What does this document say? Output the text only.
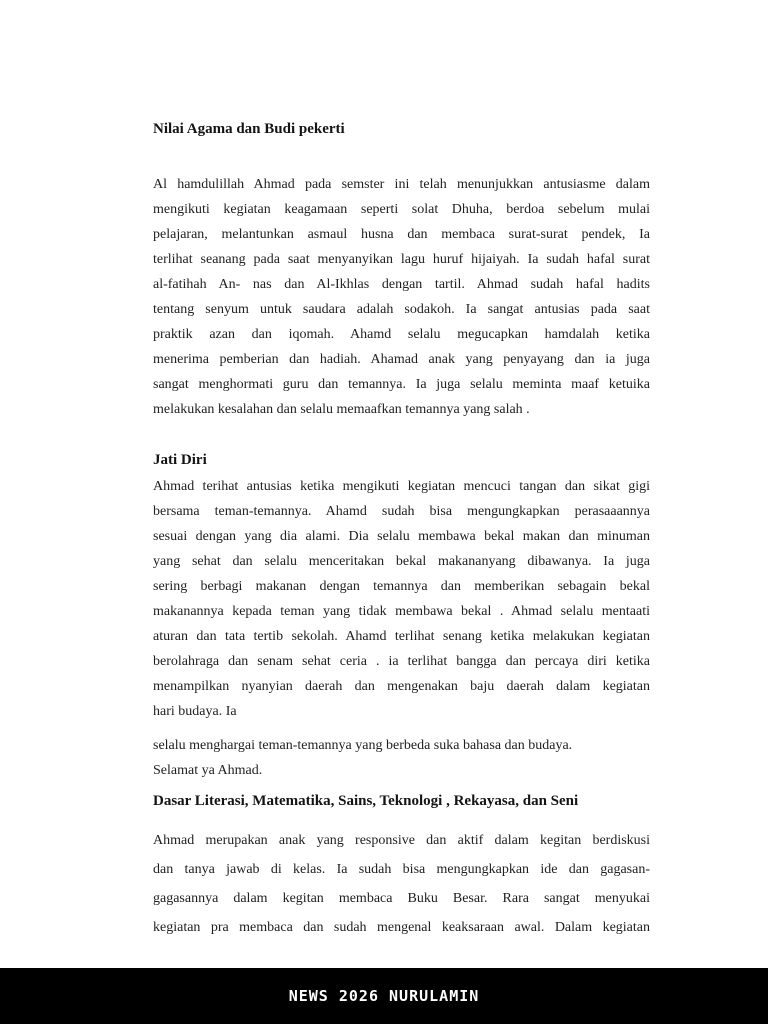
Nilai Agama dan Budi pekerti
Al hamdulillah Ahmad pada semster ini telah menunjukkan antusiasme dalam
mengikuti kegiatan keagamaan seperti solat Dhuha, berdoa sebelum mulai
pelajaran, melantunkan asmaul husna dan membaca surat-surat pendek, Ia
terlihat seanang pada saat menyanyikan lagu huruf hijaiyah. Ia sudah hafal surat
al-fatihah An- nas dan Al-Ikhlas dengan tartil. Ahmad sudah hafal hadits
tentang senyum untuk saudara adalah sodakoh. Ia sangat antusias pada saat
praktik azan dan iqomah. Ahamd selalu megucapkan hamdalah ketika
menerima pemberian dan hadiah. Ahamad anak yang penyayang dan ia juga
sangat menghormati guru dan temannya. Ia juga selalu meminta maaf ketuika
melakukan kesalahan dan selalu memaafkan temannya yang salah .
Jati Diri
Ahmad terihat antusias ketika mengikuti kegiatan mencuci tangan dan sikat gigi
bersama teman-temannya. Ahamd sudah bisa mengungkapkan perasaaannya
sesuai dengan yang dia alami. Dia selalu membawa bekal makan dan minuman
yang sehat dan selalu menceritakan bekal makananyang dibawanya. Ia juga
sering berbagi makanan dengan temannya dan memberikan sebagain bekal
makanannya kepada teman yang tidak membawa bekal . Ahmad selalu mentaati
aturan dan tata tertib sekolah. Ahamd terlihat senang ketika melakukan kegiatan
berolahraga dan senam sehat ceria . ia terlihat bangga dan percaya diri ketika
menampilkan nyanyian daerah dan mengenakan baju daerah dalam kegiatan
hari budaya. Ia
selalu menghargai teman-temannya yang berbeda suka bahasa dan budaya.
Selamat ya Ahmad.
Dasar Literasi, Matematika, Sains, Teknologi , Rekayasa, dan Seni
Ahmad merupakan anak yang responsive dan aktif dalam kegitan berdiskusi
dan tanya jawab di kelas. Ia sudah bisa mengungkapkan ide dan gagasan-
gagasannya dalam kegitan membaca Buku Besar. Rara sangat menyukai
kegiatan pra membaca dan sudah mengenal keaksaraan awal. Dalam kegiatan
NEWS 2026 NURULAMIN
